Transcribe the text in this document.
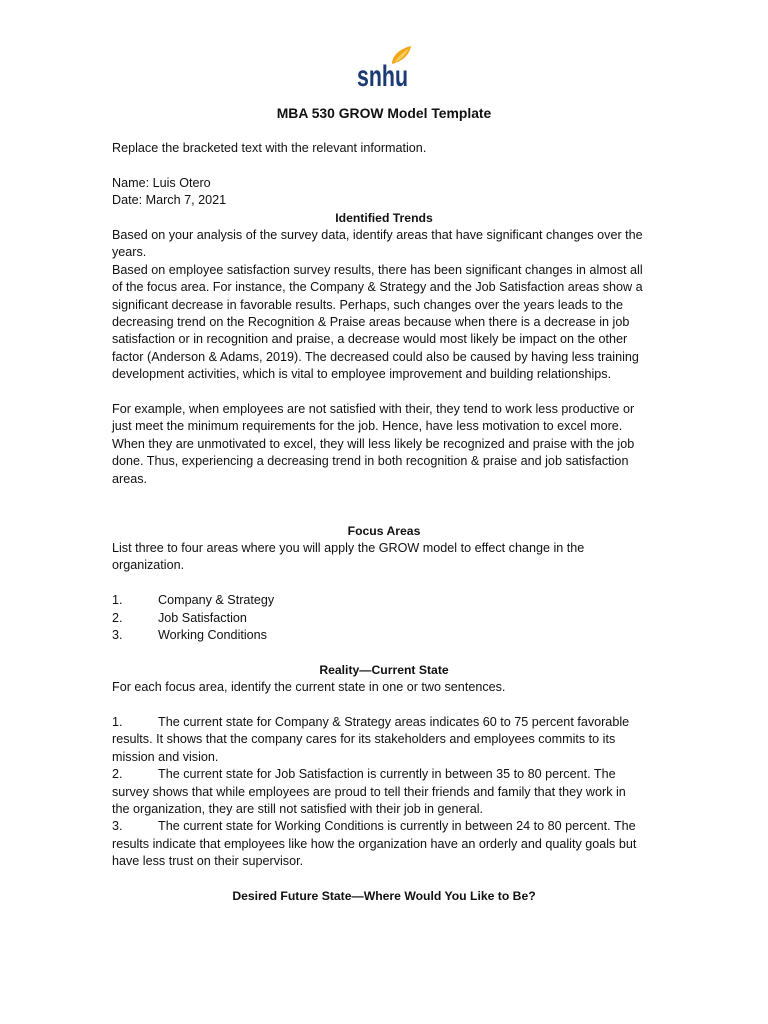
snhu
MBA 530 GROW Model Template
Replace the bracketed text with the relevant information.
Name: Luis Otero
Date: March 7, 2021
Identified Trends
Based on your analysis of the survey data, identify areas that have significant changes over the
years.
Based on employee satisfaction survey results, there has been significant changes in almost all
of the focus area. For instance, the Company & Strategy and the Job Satisfaction areas show a
significant decrease in favorable results. Perhaps, such changes over the years leads to the
decreasing trend on the Recognition & Praise areas because when there is a decrease in job
satisfaction or in recognition and praise, a decrease would most likely be impact on the other
factor (Anderson & Adams, 2019). The decreased could also be caused by having less training
development activities, which is vital to employee improvement and building relationships.
For example, when employees are not satisfied with their, they tend to work less productive or
just meet the minimum requirements for the job. Hence, have less motivation to excel more.
When they are unmotivated to excel, they will less likely be recognized and praise with the job
done. Thus, experiencing a decreasing trend in both recognition & praise and job satisfaction
areas.
Focus Areas
List three to four areas where you will apply the GROW model to effect change in the
organization.
1.	Company & Strategy
2.	Job Satisfaction
3.	Working Conditions
Reality—Current State
For each focus area, identify the current state in one or two sentences.
1.	The current state for Company & Strategy areas indicates 60 to 75 percent favorable
results. It shows that the company cares for its stakeholders and employees commits to its
mission and vision.
2.	The current state for Job Satisfaction is currently in between 35 to 80 percent. The
survey shows that while employees are proud to tell their friends and family that they work in
the organization, they are still not satisfied with their job in general.
3.	The current state for Working Conditions is currently in between 24 to 80 percent. The
results indicate that employees like how the organization have an orderly and quality goals but
have less trust on their supervisor.
Desired Future State—Where Would You Like to Be?
